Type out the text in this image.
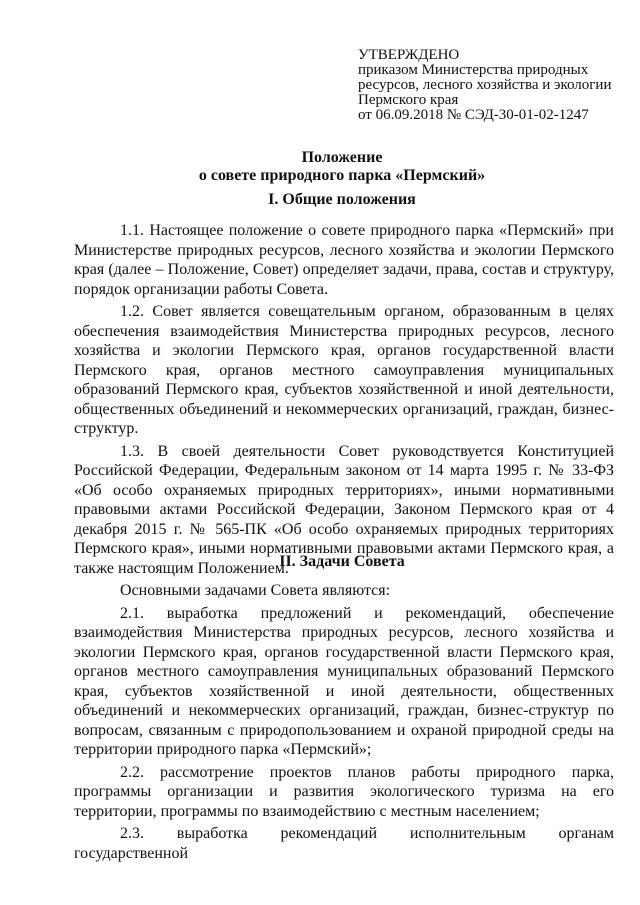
УТВЕРЖДЕНО
приказом Министерства природных
ресурсов, лесного хозяйства и экологии
Пермского края
от 06.09.2018 № СЭД-30-01-02-1247
Положение
о совете природного парка «Пермский»
I. Общие положения

1.1. Настоящее положение о совете природного парка «Пермский» при Министерстве природных ресурсов, лесного хозяйства и экологии Пермского края (далее – Положение, Совет) определяет задачи, права, состав и структуру, порядок организации работы Совета.

1.2. Совет является совещательным органом, образованным в целях обеспечения взаимодействия Министерства природных ресурсов, лесного хозяйства и экологии Пермского края, органов государственной власти Пермского края, органов местного самоуправления муниципальных образований Пермского края, субъектов хозяйственной и иной деятельности, общественных объединений и некоммерческих организаций, граждан, бизнес-структур.

1.3. В своей деятельности Совет руководствуется Конституцией Российской Федерации, Федеральным законом от 14 марта 1995 г. № 33-ФЗ «Об особо охраняемых природных территориях», иными нормативными правовыми актами Российской Федерации, Законом Пермского края от 4 декабря 2015 г. № 565-ПК «Об особо охраняемых природных территориях Пермского края», иными нормативными правовыми актами Пермского края, а также настоящим Положением.

II. Задачи Совета

Основными задачами Совета являются:

2.1. выработка предложений и рекомендаций, обеспечение взаимодействия Министерства природных ресурсов, лесного хозяйства и экологии Пермского края, органов государственной власти Пермского края, органов местного самоуправления муниципальных образований Пермского края, субъектов хозяйственной и иной деятельности, общественных объединений и некоммерческих организаций, граждан, бизнес-структур по вопросам, связанным с природопользованием и охраной природной среды на территории природного парка «Пермский»;

2.2. рассмотрение проектов планов работы природного парка, программы организации и развития экологического туризма на его территории, программы по взаимодействию с местным населением;

2.3. выработка рекомендаций исполнительным органам государственной
